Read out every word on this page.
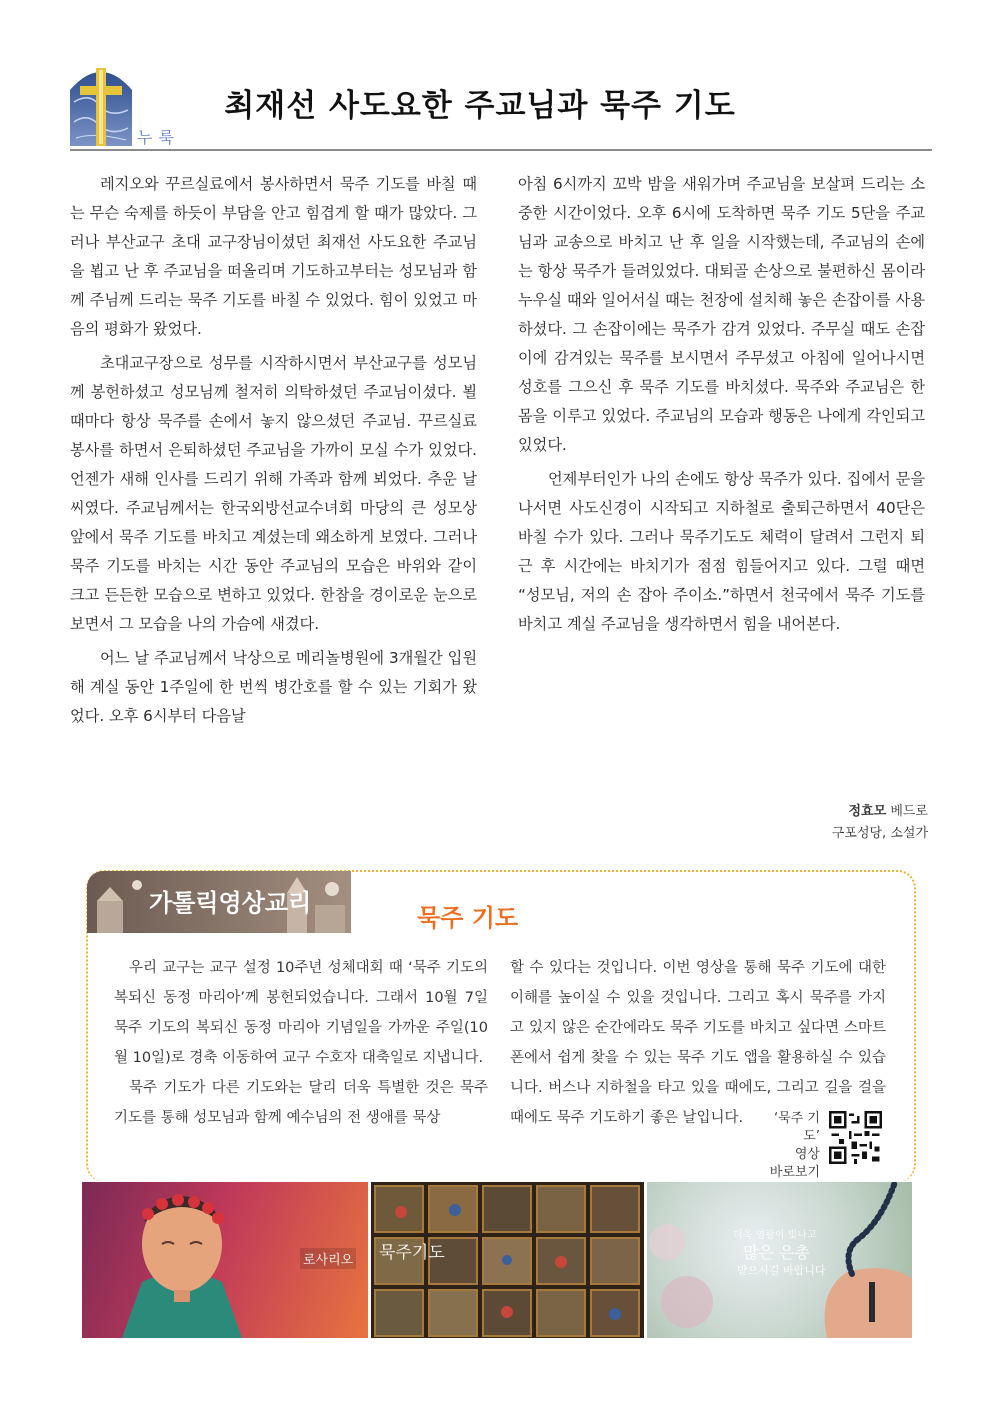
누룩
최재선 사도요한 주교님과 묵주 기도

레지오와 꾸르실료에서 봉사하면서 묵주 기도를 바칠 때는 무슨 숙제를 하듯이 부담을 안고 힘겹게 할 때가 많았다. 그러나 부산교구 초대 교구장님이셨던 최재선 사도요한 주교님을 뵙고 난 후 주교님을 떠올리며 기도하고부터는 성모님과 함께 주님께 드리는 묵주 기도를 바칠 수 있었다. 힘이 있었고 마음의 평화가 왔었다.

초대교구장으로 성무를 시작하시면서 부산교구를 성모님께 봉헌하셨고 성모님께 철저히 의탁하셨던 주교님이셨다. 뵐 때마다 항상 묵주를 손에서 놓지 않으셨던 주교님. 꾸르실료 봉사를 하면서 은퇴하셨던 주교님을 가까이 모실 수가 있었다. 언젠가 새해 인사를 드리기 위해 가족과 함께 뵈었다. 추운 날씨였다. 주교님께서는 한국외방선교수녀회 마당의 큰 성모상 앞에서 묵주 기도를 바치고 계셨는데 왜소하게 보였다. 그러나 묵주 기도를 바치는 시간 동안 주교님의 모습은 바위와 같이 크고 든든한 모습으로 변하고 있었다. 한참을 경이로운 눈으로 보면서 그 모습을 나의 가슴에 새겼다.

어느 날 주교님께서 낙상으로 메리놀병원에 3개월간 입원해 계실 동안 1주일에 한 번씩 병간호를 할 수 있는 기회가 왔었다. 오후 6시부터 다음날

아침 6시까지 꼬박 밤을 새워가며 주교님을 보살펴 드리는 소중한 시간이었다. 오후 6시에 도착하면 묵주 기도 5단을 주교님과 교송으로 바치고 난 후 일을 시작했는데, 주교님의 손에는 항상 묵주가 들려있었다. 대퇴골 손상으로 불편하신 몸이라 누우실 때와 일어서실 때는 천장에 설치해 놓은 손잡이를 사용하셨다. 그 손잡이에는 묵주가 감겨 있었다. 주무실 때도 손잡이에 감겨있는 묵주를 보시면서 주무셨고 아침에 일어나시면 성호를 그으신 후 묵주 기도를 바치셨다. 묵주와 주교님은 한 몸을 이루고 있었다. 주교님의 모습과 행동은 나에게 각인되고 있었다.

언제부터인가 나의 손에도 항상 묵주가 있다. 집에서 문을 나서면 사도신경이 시작되고 지하철로 출퇴근하면서 40단은 바칠 수가 있다. 그러나 묵주기도도 체력이 달려서 그런지 퇴근 후 시간에는 바치기가 점점 힘들어지고 있다. 그럴 때면 “성모님, 저의 손 잡아 주이소.”하면서 천국에서 묵주 기도를 바치고 계실 주교님을 생각하면서 힘을 내어본다.

정효모 베드로
구포성당, 소설가
가톨릭영상교리
묵주 기도

우리 교구는 교구 설정 10주년 성체대회 때 ‘묵주 기도의 복되신 동정 마리아’께 봉헌되었습니다. 그래서 10월 7일 묵주 기도의 복되신 동정 마리아 기념일을 가까운 주일(10월 10일)로 경축 이동하여 교구 수호자 대축일로 지냅니다.

묵주 기도가 다른 기도와는 달리 더욱 특별한 것은 묵주 기도를 통해 성모님과 함께 예수님의 전 생애를 묵상

할 수 있다는 것입니다. 이번 영상을 통해 묵주 기도에 대한 이해를 높이실 수 있을 것입니다. 그리고 혹시 묵주를 가지고 있지 않은 순간에라도 묵주 기도를 바치고 싶다면 스마트폰에서 쉽게 찾을 수 있는 묵주 기도 앱을 활용하실 수 있습니다. 버스나 지하철을 타고 있을 때에도, 그리고 길을 걸을 때에도 묵주 기도하기 좋은 날입니다.	‘묵주 기도’
영상
바로보기
로사리오 묵주기도
더욱 영광이 빛나고
많은 은총
받으시길 바랍니다
